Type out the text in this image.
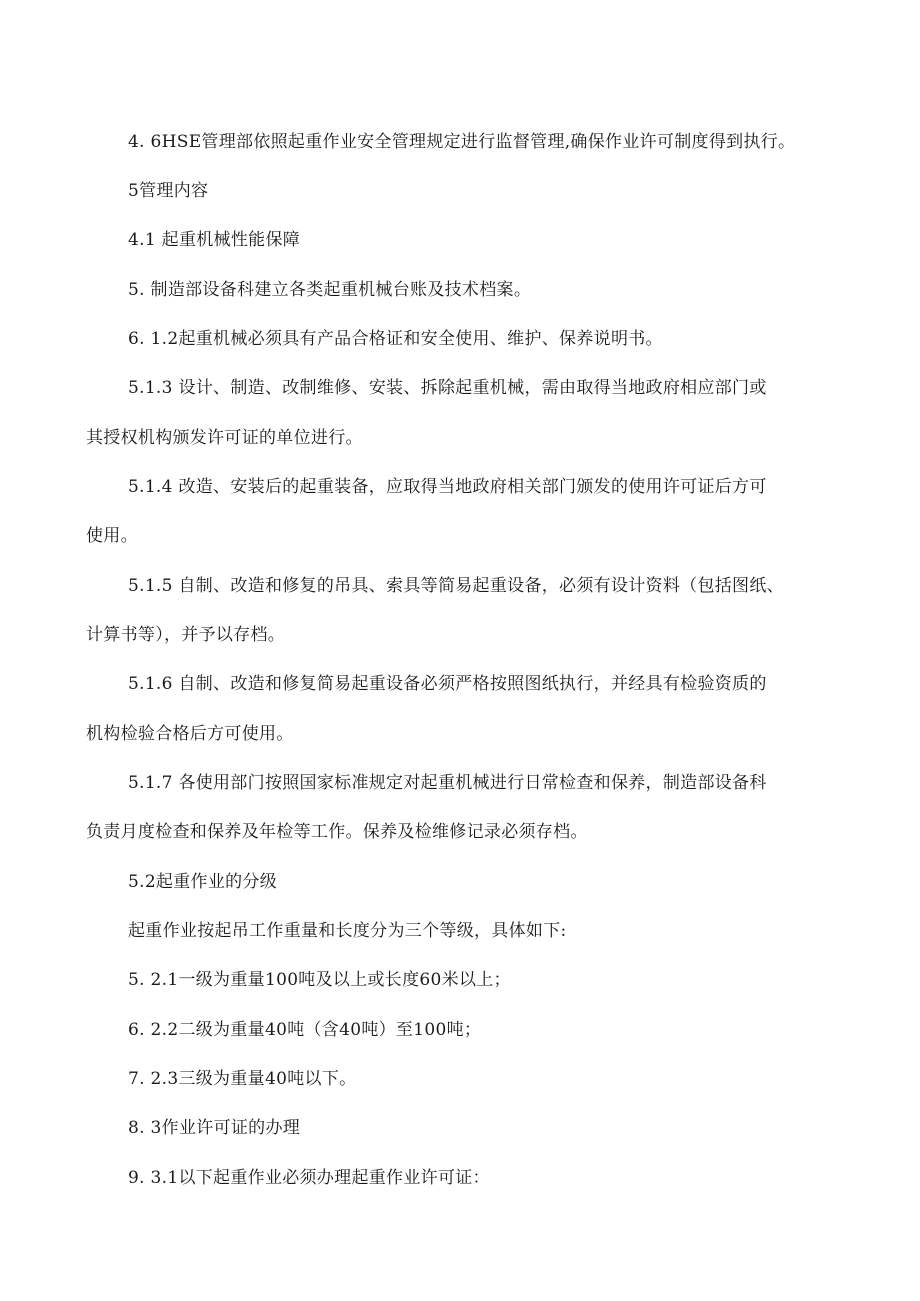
4. 6HSE管理部依照起重作业安全管理规定进行监督管理,确保作业许可制度得到执行。
5管理内容
4.1 起重机械性能保障
5. 制造部设备科建立各类起重机械台账及技术档案。
6. 1.2起重机械必须具有产品合格证和安全使用、维护、保养说明书。
5.1.3 设计、制造、改制维修、安装、拆除起重机械，需由取得当地政府相应部门或
其授权机构颁发许可证的单位进行。
5.1.4 改造、安装后的起重装备，应取得当地政府相关部门颁发的使用许可证后方可
使用。
5.1.5 自制、改造和修复的吊具、索具等简易起重设备，必须有设计资料（包括图纸、
计算书等），并予以存档。
5.1.6 自制、改造和修复简易起重设备必须严格按照图纸执行，并经具有检验资质的
机构检验合格后方可使用。
5.1.7 各使用部门按照国家标准规定对起重机械进行日常检查和保养，制造部设备科
负责月度检查和保养及年检等工作。保养及检维修记录必须存档。
5.2起重作业的分级
起重作业按起吊工作重量和长度分为三个等级，具体如下:
5. 2.1一级为重量100吨及以上或长度60米以上；
6. 2.2二级为重量40吨（含40吨）至100吨；
7. 2.3三级为重量40吨以下。
8. 3作业许可证的办理
9. 3.1以下起重作业必须办理起重作业许可证：
